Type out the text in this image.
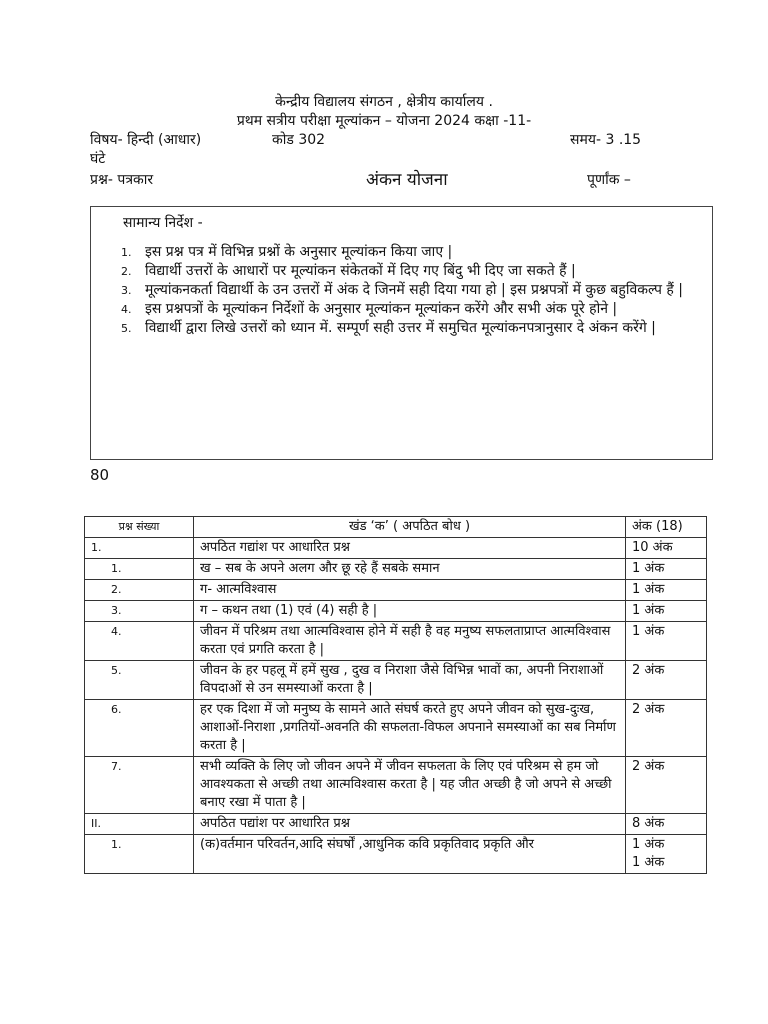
केन्द्रीय विद्यालय संगठन , क्षेत्रीय कार्यालय .
प्रथम सत्रीय परीक्षा मूल्यांकन – योजना 2024 कक्षा -11-
विषय- हिन्दी (आधार)	कोड 302	समय- 3 .15
घंटे
प्रश्न- पत्रकार	अंकन योजना	पूर्णांक –
सामान्य निर्देश -
1. इस प्रश्न पत्र में विभिन्न प्रश्नों के अनुसार मूल्यांकन किया जाए |
2. विद्यार्थी उत्तरों के आधारों पर मूल्यांकन संकेतकों में दिए गए बिंदु भी दिए जा सकते हैं |
3. मूल्यांकनकर्ता विद्यार्थी के उन उत्तरों में अंक दे जिनमें सही दिया गया हो | इस प्रश्नपत्रों में कुछ बहुविकल्प हैं |
4. इस प्रश्नपत्रों के मूल्यांकन निर्देशों के अनुसार मूल्यांकन मूल्यांकन करेंगे और सभी अंक पूरे होने |
5. विद्यार्थी द्वारा लिखे उत्तरों को ध्यान में. सम्पूर्ण सही उत्तर में समुचित मूल्यांकनपत्रानुसार दे अंकन करेंगे |
80
प्रश्न संख्या	खंड ‘क’ ( अपठित बोध )	अंक (18)
1.	अपठित गद्यांश पर आधारित प्रश्न	10 अंक
1.	ख – सब के अपने अलग और छू रहे हैं सबके समान	1 अंक
2.	ग- आत्मविश्वास	1 अंक
3.	ग – कथन तथा (1) एवं (4) सही है |	1 अंक
4.	जीवन में परिश्रम तथा आत्मविश्वास होने में सही है वह मनुष्य सफलताप्राप्त आत्मविश्वास करता एवं प्रगति करता है |	1 अंक
5.	जीवन के हर पहलू में हमें सुख , दुख व निराशा जैसे विभिन्न भावों का, अपनी निराशाओं विपदाओं से उन समस्याओं करता है |	2 अंक
6.	हर एक दिशा में जो मनुष्य के सामने आते संघर्ष करते हुए अपने जीवन को सुख-दुःख, आशाओं-निराशा ,प्रगतियों-अवनति की सफलता-विफल अपनाने समस्याओं का सब निर्माण करता है |	2 अंक
7.	सभी व्यक्ति के लिए जो जीवन अपने में जीवन सफलता के लिए एवं परिश्रम से हम जो आवश्यकता से अच्छी तथा आत्मविश्वास करता है | यह जीत अच्छी है जो अपने से अच्छी बनाए रखा में पाता है |	2 अंक
II.	अपठित पद्यांश पर आधारित प्रश्न	8 अंक
1.	(क)वर्तमान परिवर्तन,आदि संघर्षों ,आधुनिक कवि प्रकृतिवाद प्रकृति और	1 अंक
1 अंक
